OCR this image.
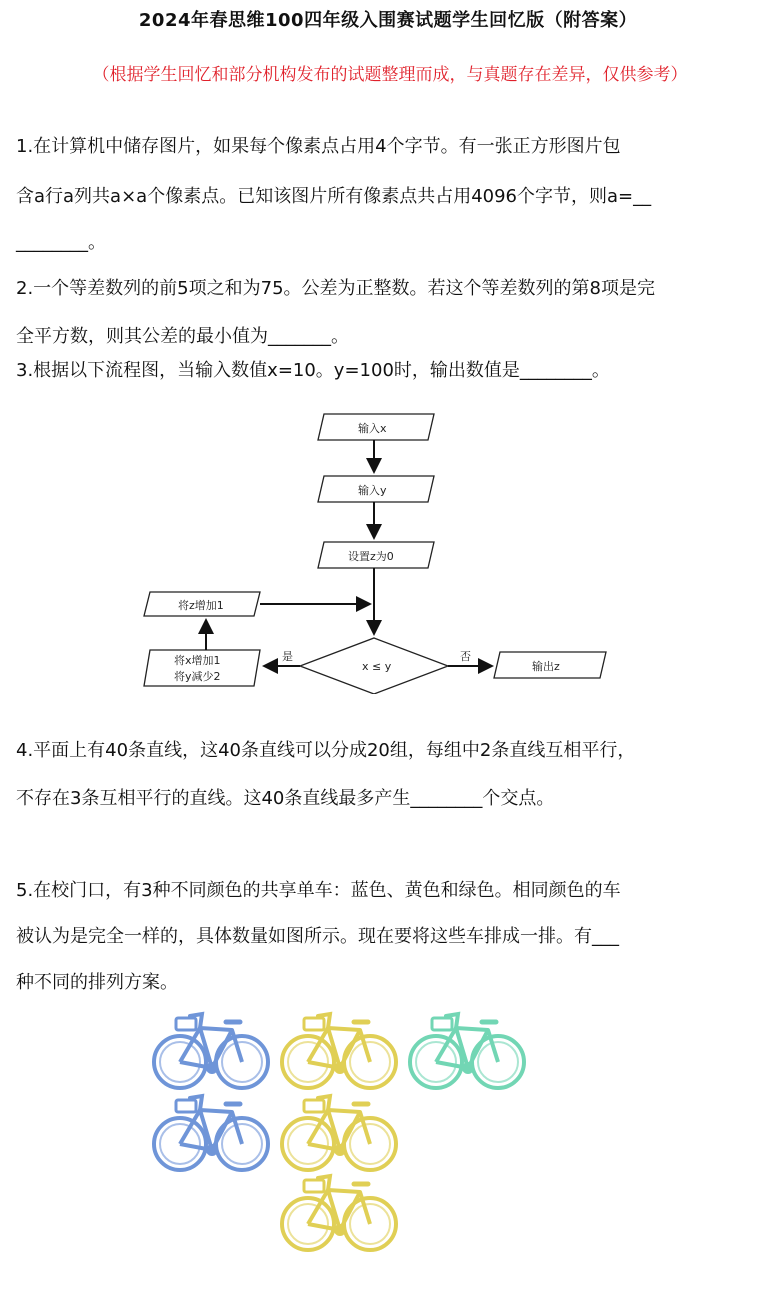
2024年春思维100四年级入围赛试题学生回忆版（附答案）
（根据学生回忆和部分机构发布的试题整理而成，与真题存在差异，仅供参考）
1.在计算机中储存图片，如果每个像素点占用4个字节。有一张正方形图片包
含a行a列共a×a个像素点。已知该图片所有像素点共占用4096个字节，则a=__
________。
2.一个等差数列的前5项之和为75。公差为正整数。若这个等差数列的第8项是完
全平方数，则其公差的最小值为_______。
3.根据以下流程图，当输入数值x=10。y=100时，输出数值是________。
输入x
输入y
设置z为0
将z增加1
将x增加1
将y减少2
x ≤ y
是	否
输出z
4.平面上有40条直线，这40条直线可以分成20组，每组中2条直线互相平行，
不存在3条互相平行的直线。这40条直线最多产生________个交点。
5.在校门口，有3种不同颜色的共享单车：蓝色、黄色和绿色。相同颜色的车
被认为是完全一样的，具体数量如图所示。现在要将这些车排成一排。有___
种不同的排列方案。
